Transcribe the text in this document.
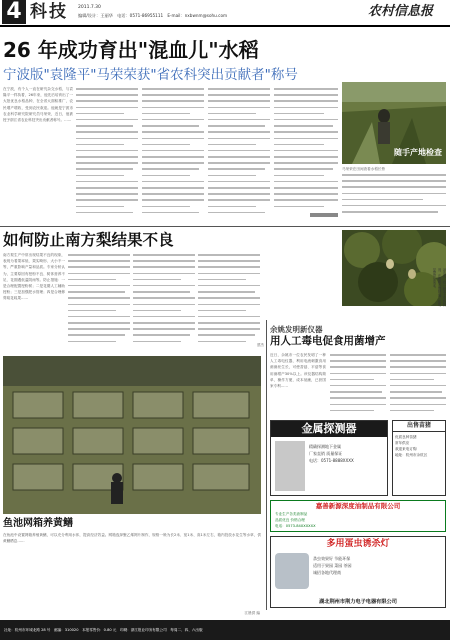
4 科技 2011.7.30
编辑/设计：王丽华　电话：0571-86955111　E-mail：nxbwnm@sohu.com	农村信息报
26 年成功育出"混血儿"水稻
宁波版"袁隆平"马荣荣获"省农科突出贡献者"称号
在宁波，有个人一直在研究杂交水稻，与袁隆平一样执着，26年来，他先后培育出了一大批优良水稻品种，在全省大面积推广，农民增产增收，受到农民欢迎。他就是宁波市农业科学研究院研究员马荣荣，近日，他被授予浙江省农业科技突出贡献者称号。……
随手产地检查
马荣荣在田间查看水稻长势
如何防止南方梨结果不良
南方梨生产中常出现结果不良的现象，表现为着果率低、果实畸形、大小不一等，严重影响产量和品质。专家分析认为，主要原因有授粉不良、树体营养不足、花期遇低温阴雨等。防止措施：一是合理配置授粉树；二是花期人工辅助授粉；三是加强肥水管理；四是合理修剪疏花疏果……
蔡杰
汤永贵：有一种本土生物制剂，在梨树花期喷施，能明显提高坐果率。
余姚发明新仪器
用人工毒电促食用菌增产
近日，余姚市一位农民发明了一种人工毒电仪器，利用电流刺激食用菌菌丝生长，可使香菇、平菇等食用菌增产30%以上。该仪器结构简单，操作方便，成本低廉，已获国家专利……
鱼池网箱养黄鳝
在鱼池中设置网箱养殖黄鳝，可以充分利用水体，提高经济效益。网箱选择聚乙烯网片制作，规格一般为长2米、宽1米、高1米左右，箱内投放水花生等水草，供黄鳝栖息……
江晨供 编
金属探测器
精确探测地下金属
厂家直销 质量保证
电话：0571-8888XXXX
出售苗猪
优质良种苗猪
常年供应
欢迎来电订购
地址：杭州市余杭区
嘉善新源深度油制品有限公司
专业生产各类油制品
品质优良 价格合理
电话：0573-84XXXXXX
多用蛋虫诱杀灯
杀虫效果好 节能环保
适用于果园 菜园 茶园
诚招各地代理商
湖北荆州市荆力电子电器有限公司
社址：杭州市环城北路 28 号　邮编：310020　本报零售价：0.80 元　印刷：浙江报业印务有限公司　每周二、四、六出版
